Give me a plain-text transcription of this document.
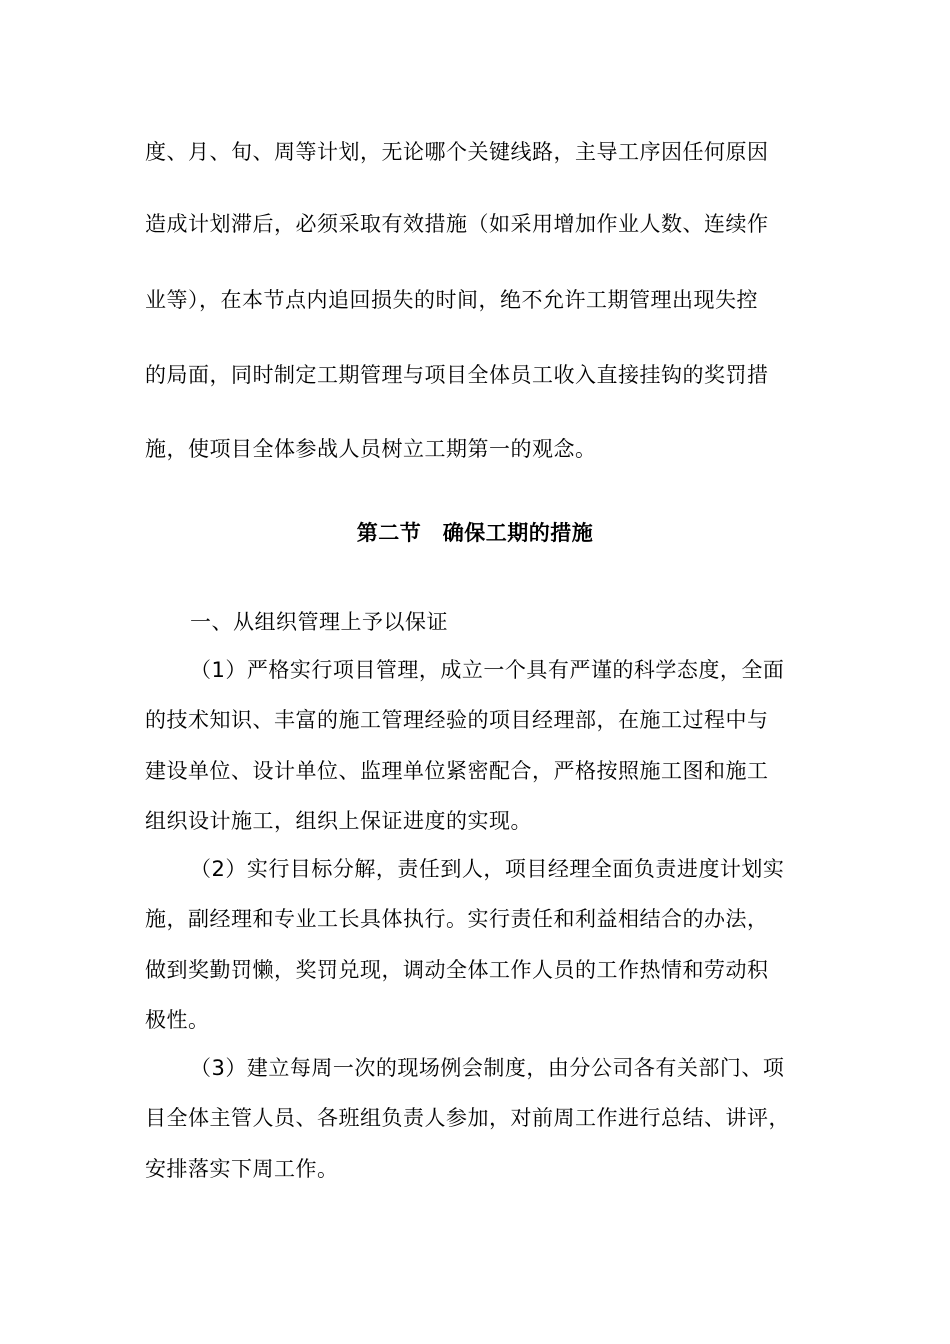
度、月、旬、周等计划，无论哪个关键线路，主导工序因任何原因
造成计划滞后，必须采取有效措施（如采用增加作业人数、连续作
业等），在本节点内追回损失的时间，绝不允许工期管理出现失控
的局面，同时制定工期管理与项目全体员工收入直接挂钩的奖罚措
施，使项目全体参战人员树立工期第一的观念。
第二节　确保工期的措施
一、从组织管理上予以保证
（1）严格实行项目管理，成立一个具有严谨的科学态度，全面
的技术知识、丰富的施工管理经验的项目经理部，在施工过程中与
建设单位、设计单位、监理单位紧密配合，严格按照施工图和施工
组织设计施工，组织上保证进度的实现。
（2）实行目标分解，责任到人，项目经理全面负责进度计划实
施，副经理和专业工长具体执行。实行责任和利益相结合的办法，
做到奖勤罚懒，奖罚兑现，调动全体工作人员的工作热情和劳动积
极性。
（3）建立每周一次的现场例会制度，由分公司各有关部门、项
目全体主管人员、各班组负责人参加，对前周工作进行总结、讲评，
安排落实下周工作。
